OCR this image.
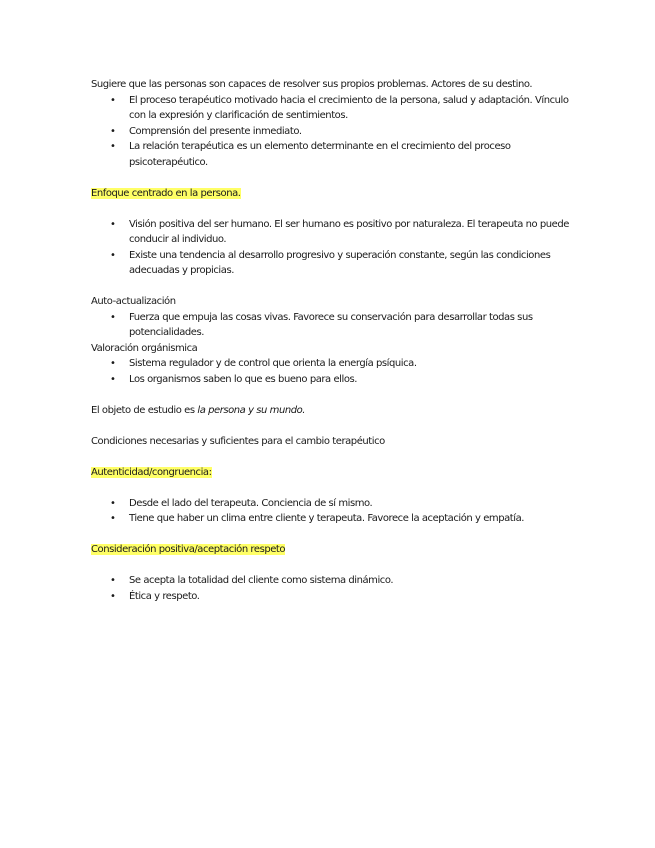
Sugiere que las personas son capaces de resolver sus propios problemas. Actores de su destino.

• El proceso terapéutico motivado hacia el crecimiento de la persona, salud y adaptación. Vínculo con la expresión y clarificación de sentimientos.
• Comprensión del presente inmediato.
• La relación terapéutica es un elemento determinante en el crecimiento del proceso psicoterapéutico.

Enfoque centrado en la persona.

• Visión positiva del ser humano. El ser humano es positivo por naturaleza. El terapeuta no puede conducir al individuo.
• Existe una tendencia al desarrollo progresivo y superación constante, según las condiciones adecuadas y propicias.

Auto-actualización

• Fuerza que empuja las cosas vivas. Favorece su conservación para desarrollar todas sus potencialidades.

Valoración orgánismica

• Sistema regulador y de control que orienta la energía psíquica.
• Los organismos saben lo que es bueno para ellos.

El objeto de estudio es la persona y su mundo.

Condiciones necesarias y suficientes para el cambio terapéutico

Autenticidad/congruencia:

• Desde el lado del terapeuta. Conciencia de sí mismo.
• Tiene que haber un clima entre cliente y terapeuta. Favorece la aceptación y empatía.

Consideración positiva/aceptación respeto

• Se acepta la totalidad del cliente como sistema dinámico.
• Ética y respeto.
